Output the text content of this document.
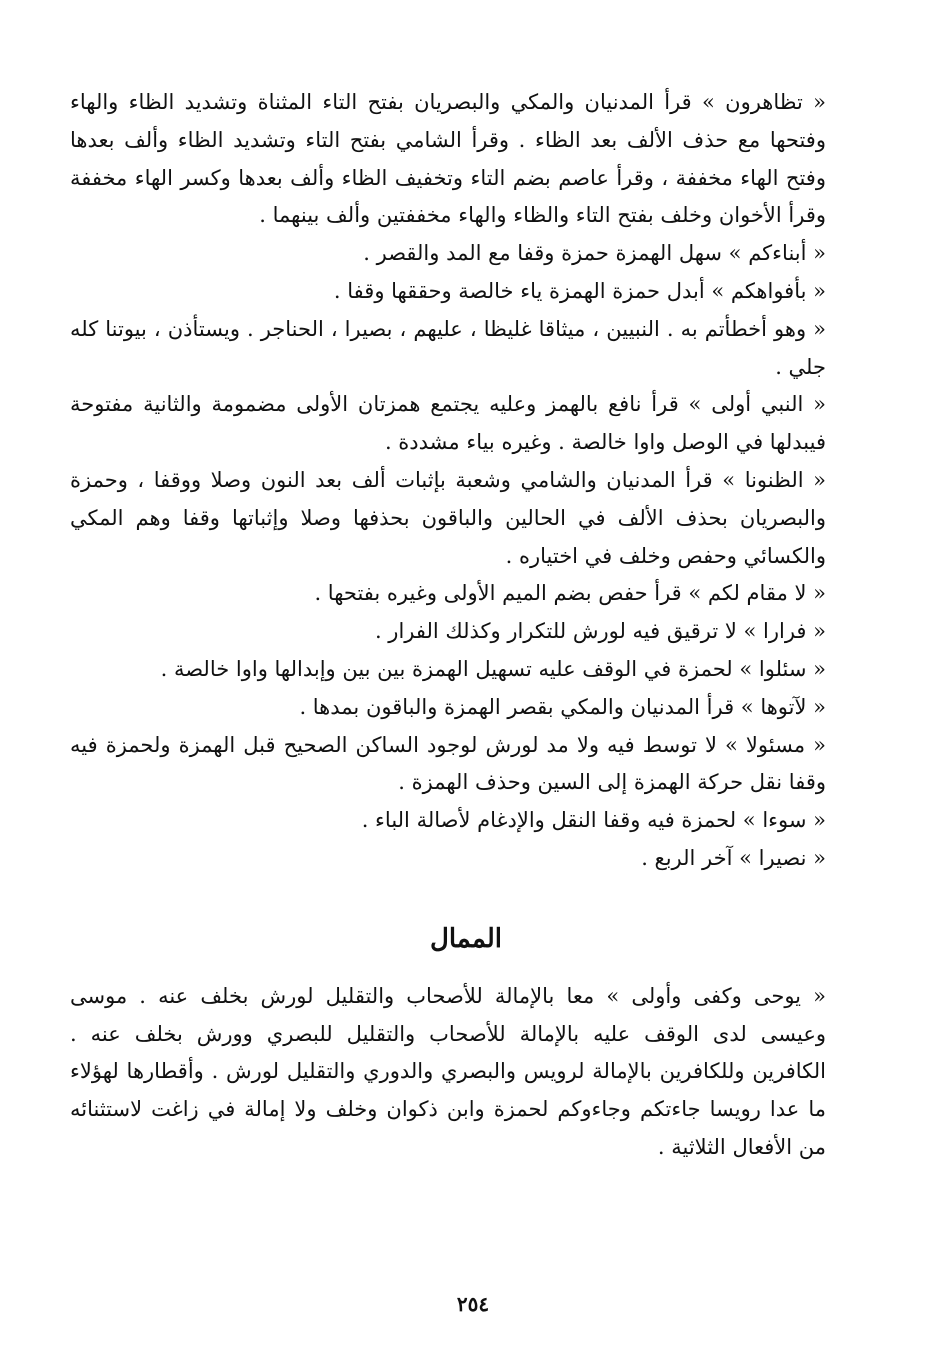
« تظاهرون » قرأ المدنيان والمكي والبصريان بفتح التاء المثناة وتشديد الظاء والهاء وفتحها مع حذف الألف بعد الظاء . وقرأ الشامي بفتح التاء وتشديد الظاء وألف بعدها وفتح الهاء مخففة ، وقرأ عاصم بضم التاء وتخفيف الظاء وألف بعدها وكسر الهاء مخففة وقرأ الأخوان وخلف بفتح التاء والظاء والهاء مخففتين وألف بينهما .

« أبناءكم » سهل الهمزة حمزة وقفا مع المد والقصر .

« بأفواهكم » أبدل حمزة الهمزة ياء خالصة وحققها وقفا .

« وهو أخطأتم به . النبيين ، ميثاقا غليظا ، عليهم ، بصيرا ، الحناجر . ويستأذن ، بيوتنا كله جلي .

« النبي أولى » قرأ نافع بالهمز وعليه يجتمع همزتان الأولى مضمومة والثانية مفتوحة فيبدلها في الوصل واوا خالصة . وغيره بياء مشددة .

« الظنونا » قرأ المدنيان والشامي وشعبة بإثبات ألف بعد النون وصلا ووقفا ، وحمزة والبصريان بحذف الألف في الحالين والباقون بحذفها وصلا وإثباتها وقفا وهم المكي والكسائي وحفص وخلف في اختياره .

« لا مقام لكم » قرأ حفص بضم الميم الأولى وغيره بفتحها .

« فرارا » لا ترقيق فيه لورش للتكرار وكذلك الفرار .

« سئلوا » لحمزة في الوقف عليه تسهيل الهمزة بين بين وإبدالها واوا خالصة .

« لآتوها » قرأ المدنيان والمكي بقصر الهمزة والباقون بمدها .

« مسئولا » لا توسط فيه ولا مد لورش لوجود الساكن الصحيح قبل الهمزة ولحمزة فيه وقفا نقل حركة الهمزة إلى السين وحذف الهمزة .

« سوءا » لحمزة فيه وقفا النقل والإدغام لأصالة الباء .

« نصيرا » آخر الربع .

الممال

« يوحى وكفى وأولى » معا بالإمالة للأصحاب والتقليل لورش بخلف عنه . موسى وعيسى لدى الوقف عليه بالإمالة للأصحاب والتقليل للبصري وورش بخلف عنه . الكافرين وللكافرين بالإمالة لرويس والبصري والدوري والتقليل لورش . وأقطارها لهؤلاء ما عدا رويسا جاءتكم وجاءوكم لحمزة وابن ذكوان وخلف ولا إمالة في زاغت لاستثنائه من الأفعال الثلاثية .

٢٥٤
